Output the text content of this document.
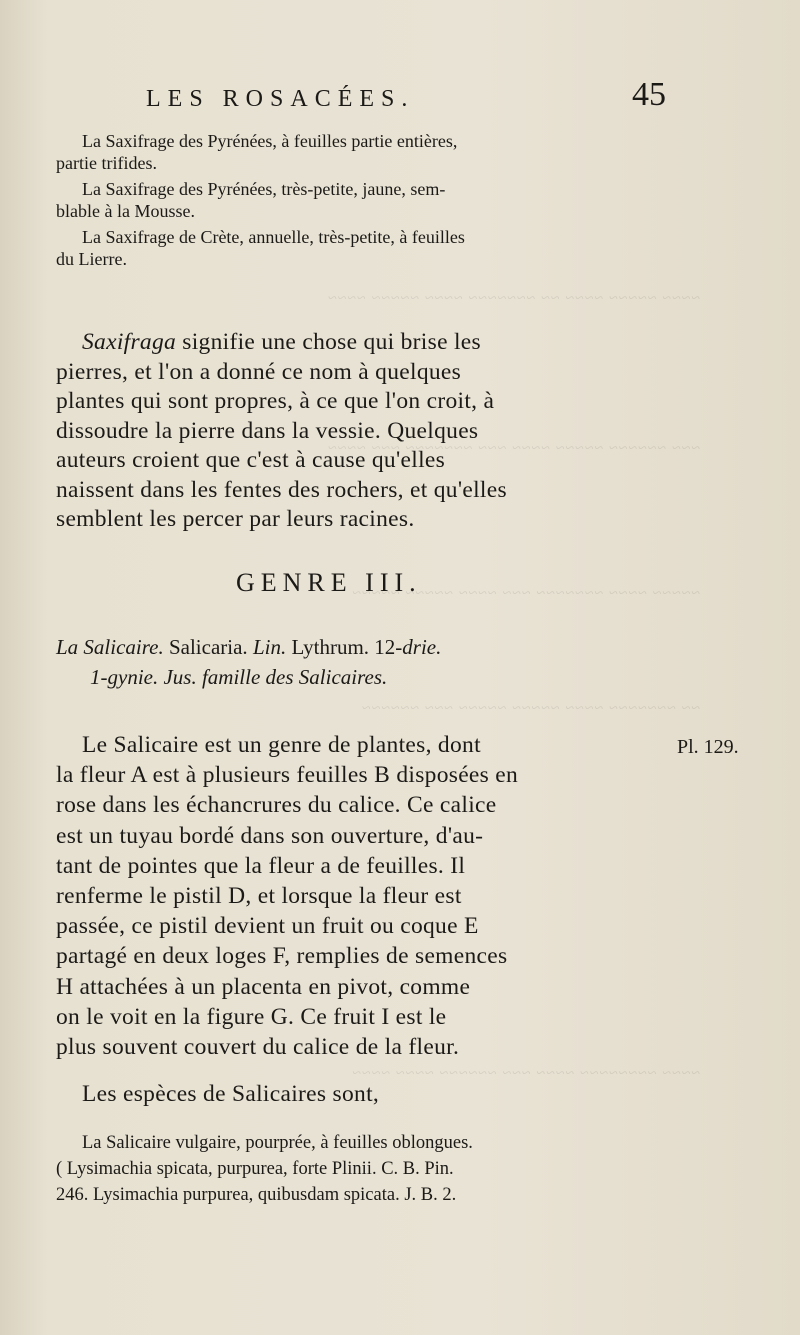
~~~~ ~~~~~ ~~~~ ~~ ~~~~~~~ ~~~~ ~~~~~ ~~~~
~~~ ~~~~~~ ~~~~~ ~~~~ ~~~ ~~~~~~~ ~~~ ~~~~
~~~~~ ~~~~ ~~~~~~~ ~~~ ~~~~ ~~~~~ ~~~~~
~~ ~~~~~~~ ~~~~ ~~~~~ ~~~~~ ~~~ ~~~~~~
~~~~ ~~~~~~~~ ~~~~ ~~~ ~~~~~~ ~~~~ ~~~~
LES ROSACÉES.	45
La Saxifrage des Pyrénées, à feuilles partie entières,
partie trifides.
La Saxifrage des Pyrénées, très-petite, jaune, sem-
blable à la Mousse.
La Saxifrage de Crète, annuelle, très-petite, à feuilles
du Lierre.
Saxifraga signifie une chose qui brise les
pierres, et l'on a donné ce nom à quelques
plantes qui sont propres, à ce que l'on croit, à
dissoudre la pierre dans la vessie. Quelques
auteurs croient que c'est à cause qu'elles
naissent dans les fentes des rochers, et qu'elles
semblent les percer par leurs racines.
GENRE III.
La Salicaire. Salicaria. Lin. Lythrum. 12-drie.
1-gynie. Jus. famille des Salicaires.
Pl. 129.
Le Salicaire est un genre de plantes, dont
la fleur A est à plusieurs feuilles B disposées en
rose dans les échancrures du calice. Ce calice
est un tuyau bordé dans son ouverture, d'au-
tant de pointes que la fleur a de feuilles. Il
renferme le pistil D, et lorsque la fleur est
passée, ce pistil devient un fruit ou coque E
partagé en deux loges F, remplies de semences
H attachées à un placenta en pivot, comme
on le voit en la figure G. Ce fruit I est le
plus souvent couvert du calice de la fleur.
Les espèces de Salicaires sont,
La Salicaire vulgaire, pourprée, à feuilles oblongues.
( Lysimachia spicata, purpurea, forte Plinii. C. B. Pin.
246. Lysimachia purpurea, quibusdam spicata. J. B. 2.
